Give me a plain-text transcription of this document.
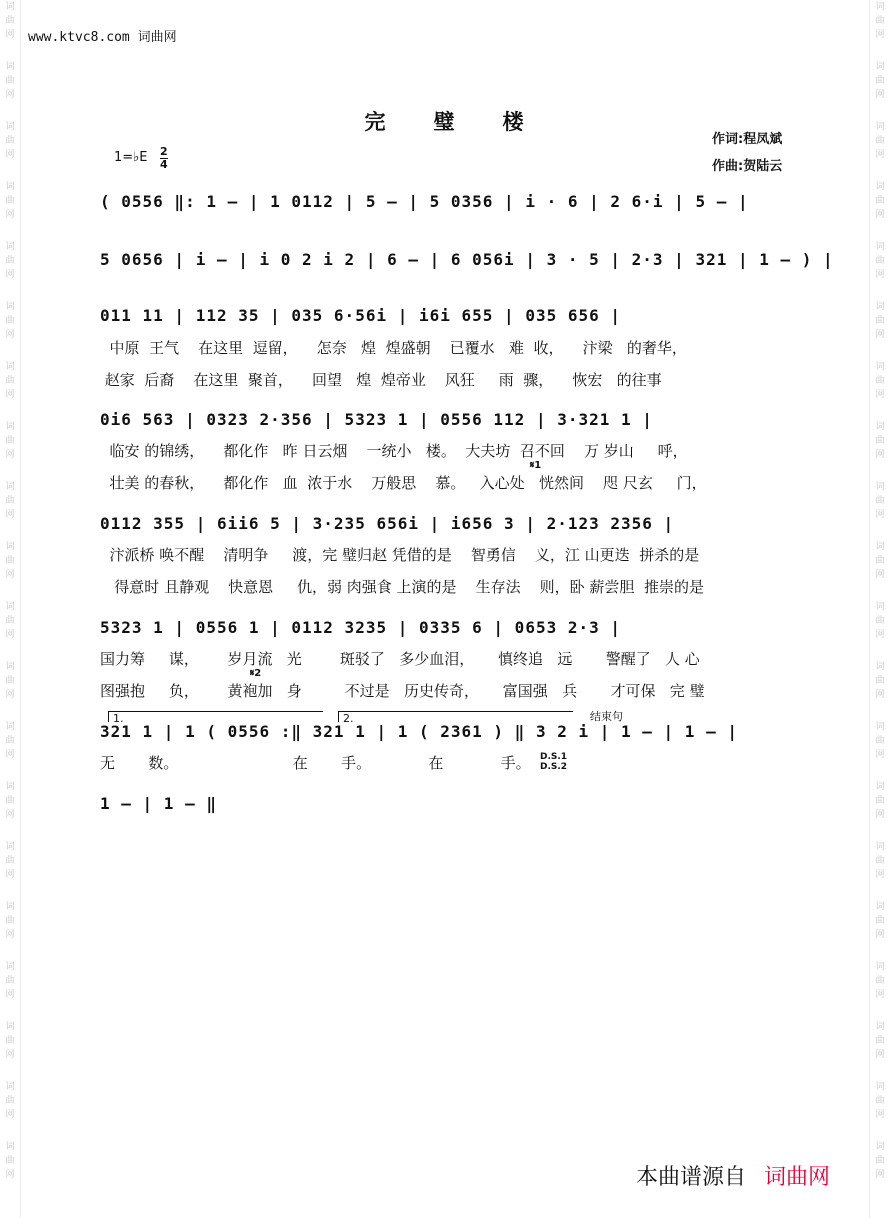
www.ktvc8.com 词曲网
词
曲
网
词
曲
网
词
曲
网
词
曲
网
词
曲
网
词
曲
网
词
曲
网
词
曲
网
词
曲
网
词
曲
网
词
曲
网
词
曲
网
词
曲
网
词
曲
网
词
曲
网
词
曲
网
词
曲
网
词
曲
网
词
曲
网
词
曲
网
词
曲
网
词
曲
网
词
曲
网
词
曲
网
词
曲
网
词
曲
网
词
曲
网
词
曲
网
词
曲
网
词
曲
网
词
曲
网
词
曲
网
词
曲
网
词
曲
网
词
曲
网
词
曲
网
词
曲
网
词
曲
网
词
曲
网
词
曲
网
完　　璧　　楼
作词:程凤斌
作曲:贺陆云
1=♭E 2
4
( 0556 ‖: 1 — | 1 0112 | 5 — | 5 0356 | i · 6 | 2 6·i | 5 — |
5 0656 | i — | i 0 2 i 2 | 6 — | 6 056i | 3 · 5 | 2·3 | 321 | 1 — ) |
011 11 | 112 35 | 035 6·56i | i6i 655 | 035 656 |
0i6 563 | 0323 2·356 | 5323 1 | 0556 112 | 3·321 1 |
0112 355 | 6ii6 5 | 3·235 656i | i656 3 | 2·123 2356 |
5323 1 | 0556 1 | 0112 3235 | 0335 6 | 0653 2·3 |
321 1 | 1 ( 0556 :‖ 321 1 | 1 ( 2361 ) ‖ 3 2 i | 1 — | 1 — |
1 — | 1 — ‖
中原  王气    在这里  逗留，    怎奈   煌  煌盛朝    已覆水   难  收，    汴梁   的奢华，
赵家  后裔    在这里  聚首，    回望   煌  煌帝业    风狂     雨  骤，    恢宏   的往事
临安 的锦绣，    都化作   昨 日云烟    一统小   楼。  大夫坊  召不回    万 岁山     呼，
壮美 的春秋，    都化作   血  浓于水    万般思    慕。   入心处   恍然间    咫 尺玄     门，
汴派桥 唤不醒    清明争     渡，完 璧归赵 凭借的是    智勇信    义，江 山更迭  拼杀的是
得意时 且静观    快意恩     仇，弱 肉强食 上演的是    生存法    则，卧 薪尝胆  推崇的是
国力筹     谋，      岁月流   光        斑驳了   多少血泪，     慎终追   远       警醒了   人 心
图强抱     负，      黄袍加   身         不过是   历史传奇，     富国强   兵       才可保   完 璧
无       数。                        在       手。            在            手。
𝄋1
𝄋2
D.S.1
D.S.2
结束句
1.	2.
本曲谱源自 词曲网
